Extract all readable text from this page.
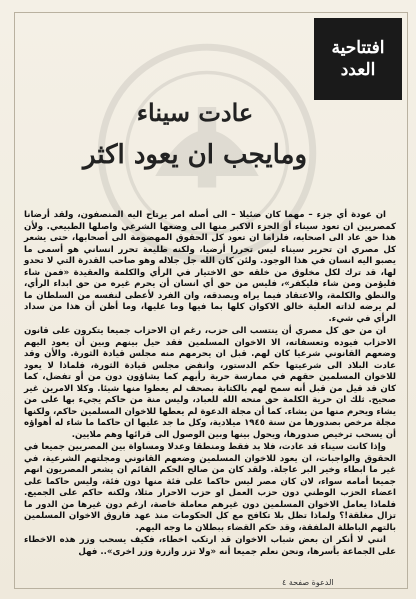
افتتاحية
العدد
عادت سيناء
ومايجب ان يعود اكثر

ان عودة أي جزء – مهما كان ضئيلا – الى أصله امر يرتاح اليه المنصفون، ولقد أرضانا كمصريين ان تعود سيناء أو الجزء الاكبر منها الى وضعها الشرعي واصلها الطبيعي. ولأن هذا حق عاد الى اصحابه، فلزاما ان تعود كل الحقوق المهضومة الى أصحابها، حتى يشعر كل مصري ان تحرير سيناء ليس تحررا أرضيا، ولكنه طليعة تحرر انساني هو أسمى ما يصبو اليه انسان في هذا الوجود. ولئن كان الله جل جلاله وهو صاحب القدرة التي لا تحدو لها، قد ترك لكل مخلوق من خلقه حق الاختيار في الرأي والكلمة والعقيدة «فمن شاء فليؤمن ومن شاء فليكفر»، فليس من حق أي انسان أن يحرم غيره من حق ابداء الرأي، والنطق والكلمة، والاعتقاد فيما يراه ويصدقه، وان الفرد لأعطى لنفسه من السلطان ما لم يرضه لذاته العلية خالق الاكوان كلها بما فيها وما عليها، وما أظن أن هذا من سداد الرأي في شيء.

ان من حق كل مصري أن ينتسب الى حزب، رغم ان الاحزاب جميعا يتكرون على قانون الاحزاب فيوده وتعسفاته، الا الاخوان المسلمين فقد حيل بينهم وبين أن يعود اليهم وضعهم القانوني شرعيا كان لهم. قبل ان يحرمهم منه مجلس قيادة الثورة. والأن وقد عادت البلاد الى شرعيتها حكم الدستور، وانفض مجلس قيادة الثورة، فلماذا لا يعود للاخوان المسلمين حقهم في ممارسة حرية رأيهم كما يشاؤون دون من أو تفضل، كما كان قد قيل من قبل أنه سمح لهم بالكتابة بصحف لم يعطوا منها شيئا. وكلا الامرين غير صحيح. ثلك ان حرية الكلمة حق منحه الله للعباد، وليس منة من حاكم يجيء بها على من يشاء ويحرم منها من يشاء. كما أن مجلة الدعوة لم يعطها للاخوان المسلمين حاكم، ولكنها مجلة مرخص بصدورها من سنة ١٩٤٥ ميلادية، وكل ما جد عليها ان حاكما ما شاء له أهواؤه أن يسحب ترخيص صدورها، ويحول بينها وبين الوصول الى قرائها وهم ملايين.

وإذا كانت سيناء قد عادت، فلا بد فقط ومنطقا وعدلا ومساواة بين المصريين جميعا في الحقوق والواجبات، ان يعود للاخوان المسلمين وضعهم القانوني ومجلتهم الشرعية، في غير ما ابطاء وخير البر عاجلة. ولقد كان من صالح الحكم القائم ان يشعر المصريون انهم جميعا أمامه سواء، لان كان مصر ليس حاكما على فئة منها دون فئة، وليس حاكما على اعضاء الحزب الوطني دون حزب العمل او حزب الاحرار مثلا، ولكنه حاكم على الجميع. فلماذا يعامل الاخوان المسلمين دون غيرهم معاملة خاصة، ارغم دون غيرها من الدور ما تزال مغلقة!؟ ولماذا تظل بلا تكافح مع كل الحكومات منذ عهد فاروق الاخوان المسلمين بالتهم الباطلة الملفقة، وقد حكم القضاء ببطلان ما وجه اليهم.

انني لا أنكر ان بعض شباب الاخوان قد ارتكب اخطاء، فكيف يسحب وزر هذه الاخطاء على الجماعة بأسرها، ونحن نعلم جميعا أنه «ولا تزر وازرة وزر اخرى».. فهل

الدعوة صفحة ٤
